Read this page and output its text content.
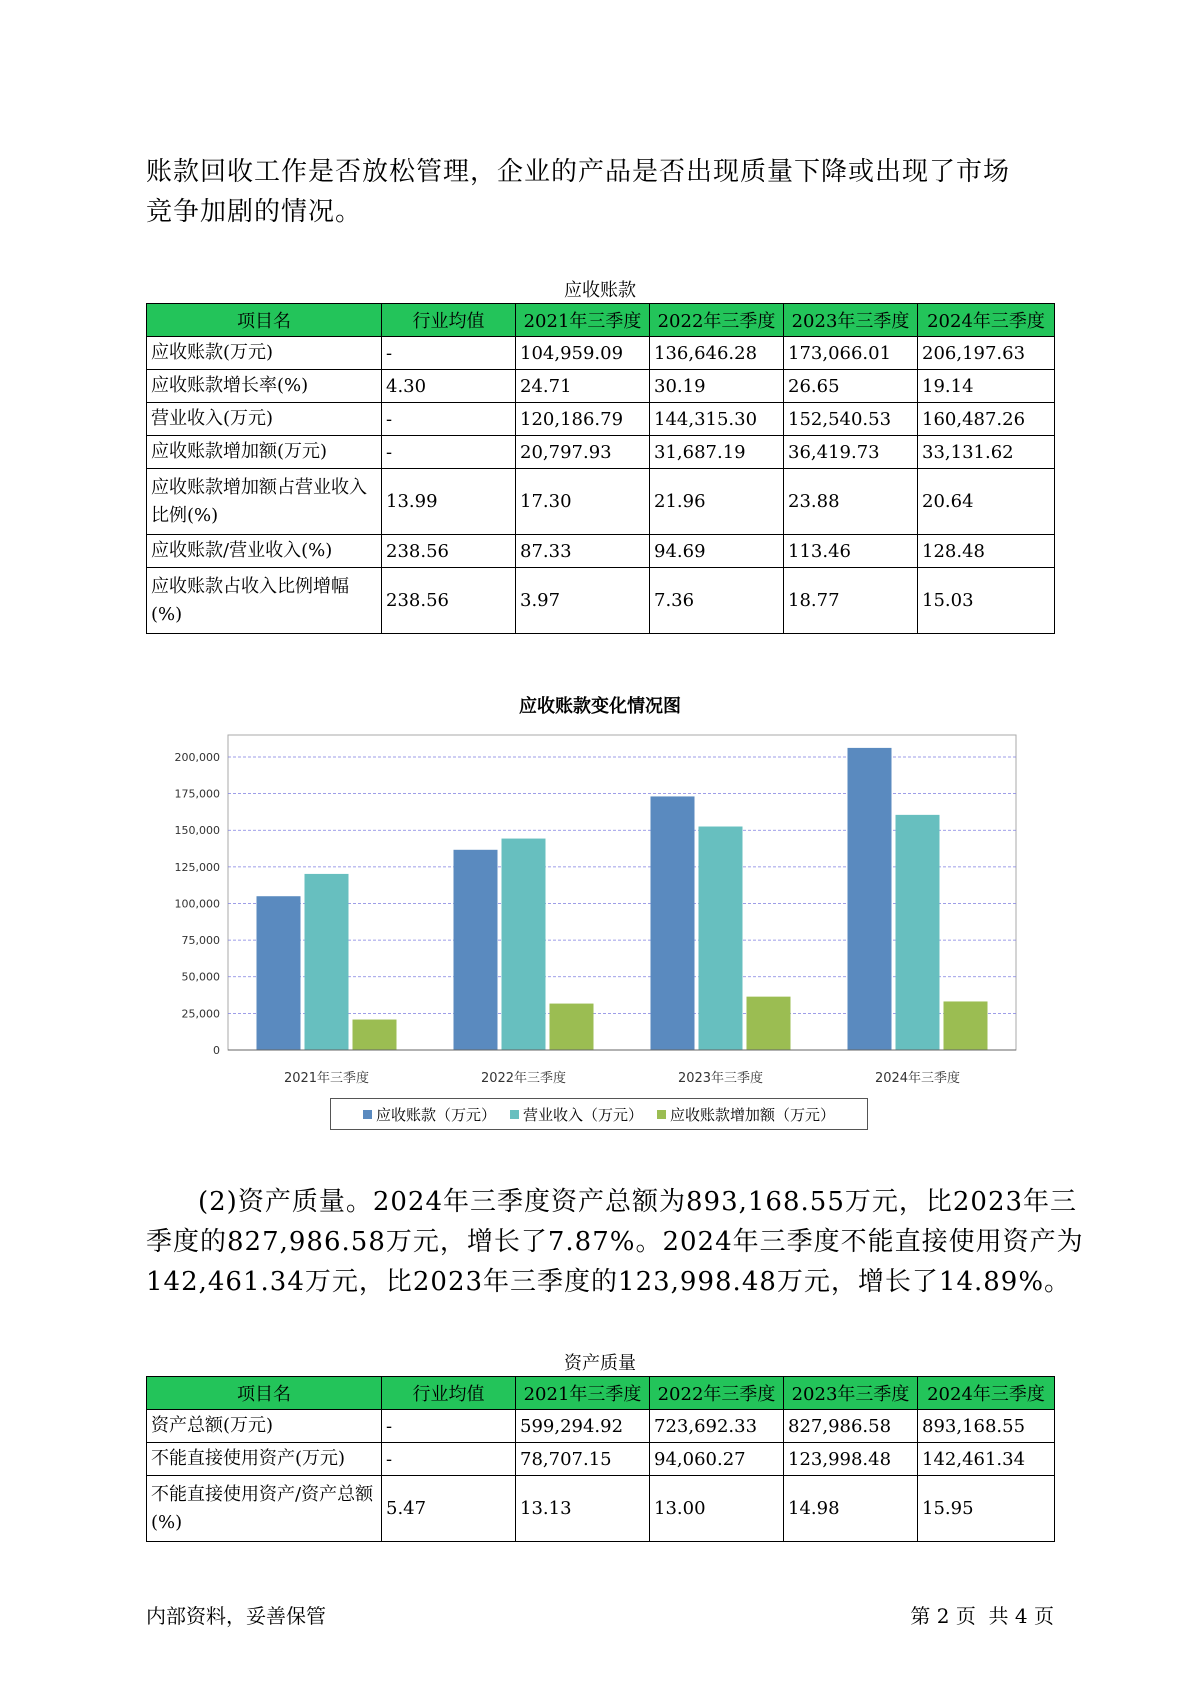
账款回收工作是否放松管理，企业的产品是否出现质量下降或出现了市场
竞争加剧的情况。
应收账款
项目名	行业均值	2021年三季度	2022年三季度	2023年三季度	2024年三季度
应收账款(万元)	-	104,959.09	136,646.28	173,066.01	206,197.63
应收账款增长率(%)	4.30	24.71	30.19	26.65	19.14
营业收入(万元)	-	120,186.79	144,315.30	152,540.53	160,487.26
应收账款增加额(万元)	-	20,797.93	31,687.19	36,419.73	33,131.62
应收账款增加额占营业收入比例(%)	13.99	17.30	21.96	23.88	20.64
应收账款/营业收入(%)	238.56	87.33	94.69	113.46	128.48
应收账款占收入比例增幅(%)	238.56	3.97	7.36	18.77	15.03
应收账款变化情况图
0
25,000
50,000
75,000
100,000
125,000
150,000
175,000
200,000
2021年三季度	2022年三季度	2023年三季度	2024年三季度
应收账款（万元） 营业收入（万元） 应收账款增加额（万元）
(2)资产质量。2024年三季度资产总额为893,168.55万元，比2023年三
季度的827,986.58万元，增长了7.87%。2024年三季度不能直接使用资产为
142,461.34万元，比2023年三季度的123,998.48万元，增长了14.89%。
资产质量
项目名	行业均值	2021年三季度	2022年三季度	2023年三季度	2024年三季度
资产总额(万元)	-	599,294.92	723,692.33	827,986.58	893,168.55
不能直接使用资产(万元)	-	78,707.15	94,060.27	123,998.48	142,461.34
不能直接使用资产/资产总额(%)	5.47	13.13	13.00	14.98	15.95
内部资料，妥善保管	第 2 页  共 4 页
